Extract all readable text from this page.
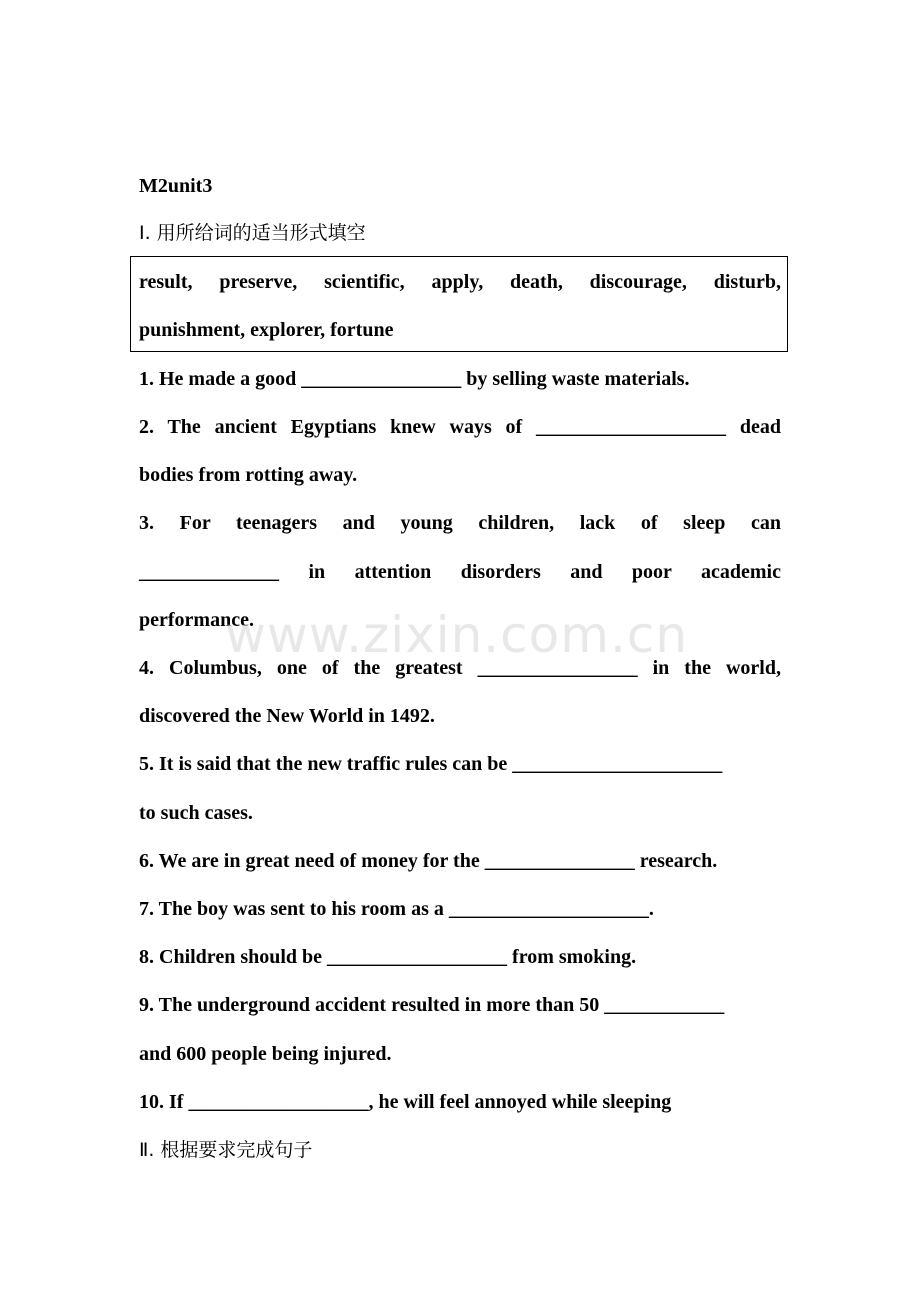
M2unit3
Ⅰ. 用所给词的适当形式填空
result, preserve, scientific, apply, death, discourage, disturb,
punishment, explorer, fortune
1. He made a good ________________ by selling waste materials.
2. The ancient Egyptians knew ways of ___________________ dead
bodies from rotting away.
3. For teenagers and young children, lack of sleep can
______________ in attention disorders and poor academic
performance.
4. Columbus, one of the greatest ________________ in the world,
discovered the New World in 1492.
5. It is said that the new traffic rules can be _____________________
to such cases.
6. We are in great need of money for the _______________ research.
7. The boy was sent to his room as a ____________________.
8. Children should be __________________ from smoking.
9. The underground accident resulted in more than 50 ____________
and 600 people being injured.
10. If __________________, he will feel annoyed while sleeping
Ⅱ. 根据要求完成句子
www.zixin.com.cn
